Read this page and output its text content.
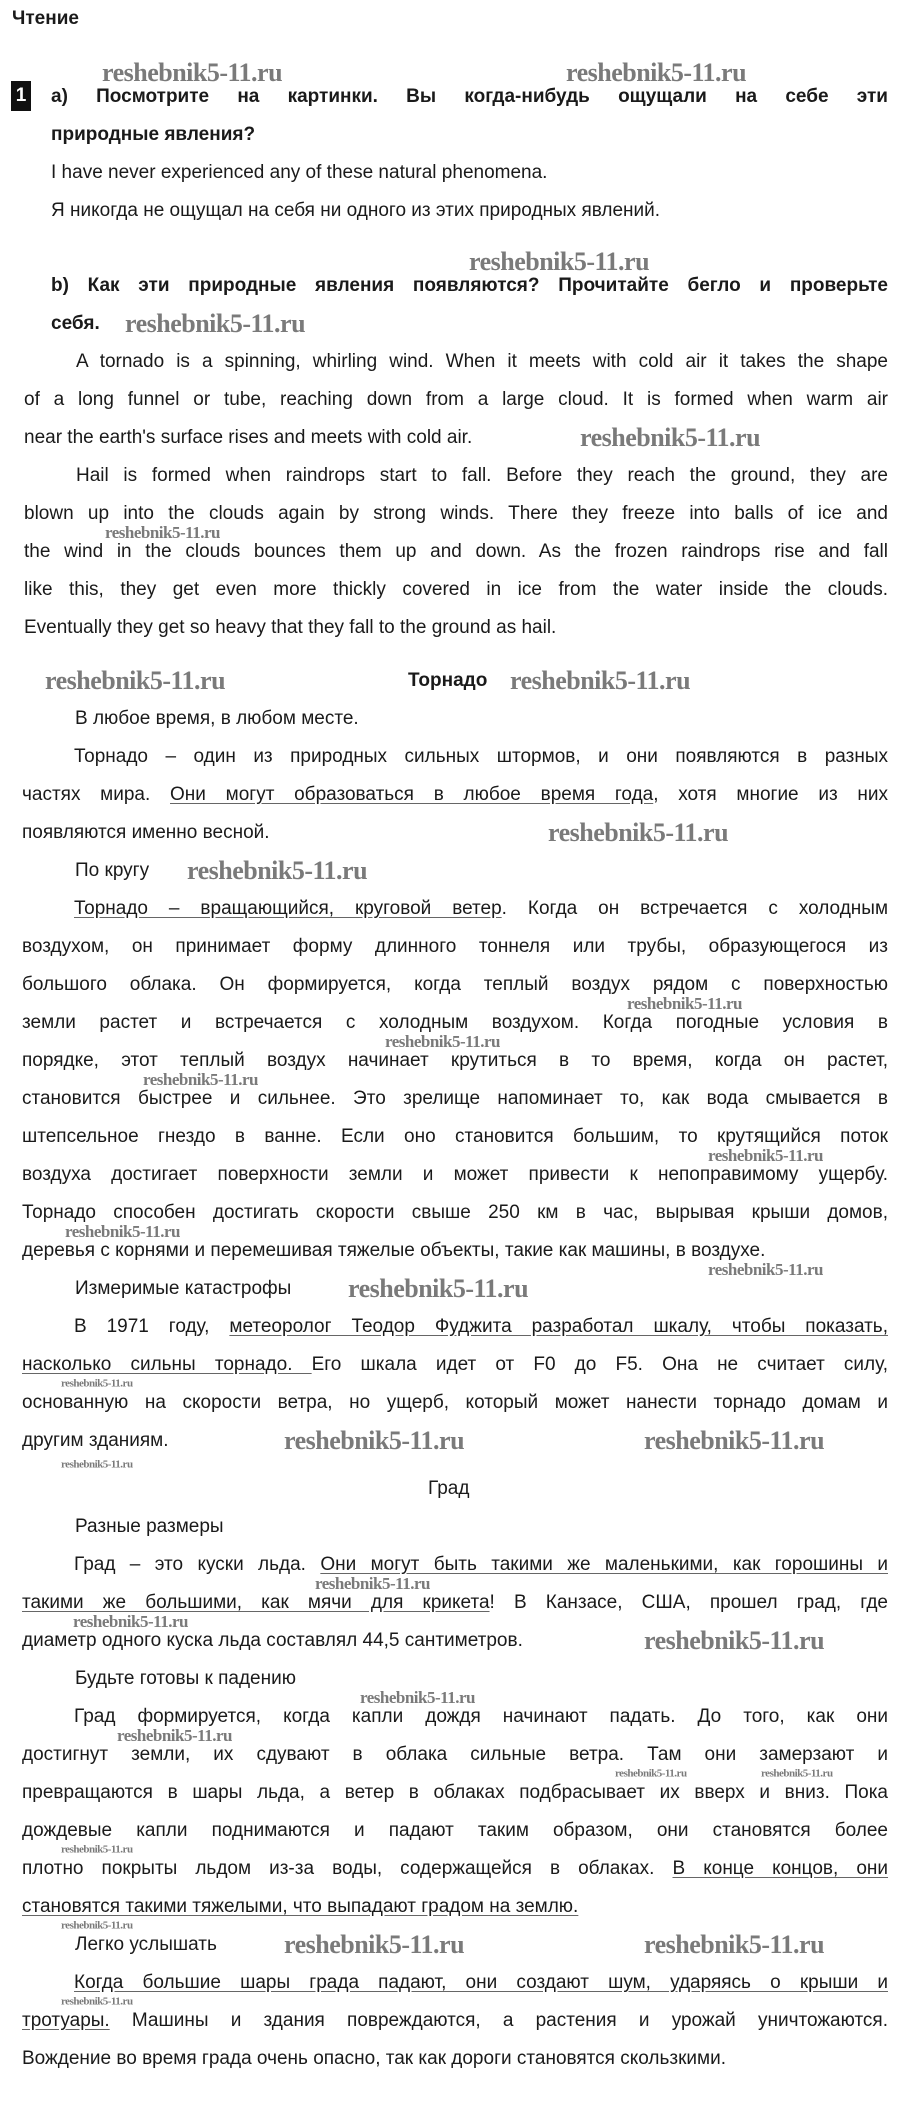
Чтение
1	а) Посмотрите на картинки. Вы когда-нибудь ощущали на себе эти
природные явления?
I have never experienced any of these natural phenomena.
Я никогда не ощущал на себя ни одного из этих природных явлений.
b) Как эти природные явления появляются? Прочитайте бегло и проверьте
себя.
A tornado is a spinning, whirling wind. When it meets with cold air it takes the shape
of a long funnel or tube, reaching down from a large cloud. It is formed when warm air
near the earth's surface rises and meets with cold air.
Hail is formed when raindrops start to fall. Before they reach the ground, they are
blown up into the clouds again by strong winds. There they freeze into balls of ice and
the wind in the clouds bounces them up and down. As the frozen raindrops rise and fall
like this, they get even more thickly covered in ice from the water inside the clouds.
Eventually they get so heavy that they fall to the ground as hail.
Торнадо
В любое время, в любом месте.
Торнадо – один из природных сильных штормов, и они появляются в разных
частях мира. Они могут образоваться в любое время года, хотя многие из них
появляются именно весной.
По кругу
Торнадо – вращающийся, круговой ветер. Когда он встречается с холодным
воздухом, он принимает форму длинного тоннеля или трубы, образующегося из
большого облака. Он формируется, когда теплый воздух рядом с поверхностью
земли растет и встречается с холодным воздухом. Когда погодные условия в
порядке, этот теплый воздух начинает крутиться в то время, когда он растет,
становится быстрее и сильнее. Это зрелище напоминает то, как вода смывается в
штепсельное гнездо в ванне. Если оно становится большим, то крутящийся поток
воздуха достигает поверхности земли и может привести к непоправимому ущербу.
Торнадо способен достигать скорости свыше 250 км в час, вырывая крыши домов,
деревья с корнями и перемешивая тяжелые объекты, такие как машины, в воздухе.
Измеримые катастрофы
В 1971 году, метеоролог Теодор Фуджита разработал шкалу, чтобы показать,
насколько сильны торнадо. Его шкала идет от F0 до F5. Она не считает силу,
основанную на скорости ветра, но ущерб, который может нанести торнадо домам и
другим зданиям.
Град
Разные размеры
Град – это куски льда. Они могут быть такими же маленькими, как горошины и
такими же большими, как мячи для крикета! В Канзасе, США, прошел град, где
диаметр одного куска льда составлял 44,5 сантиметров.
Будьте готовы к падению
Град формируется, когда капли дождя начинают падать. До того, как они
достигнут земли, их сдувают в облака сильные ветра. Там они замерзают и
превращаются в шары льда, а ветер в облаках подбрасывает их вверх и вниз. Пока
дождевые капли поднимаются и падают таким образом, они становятся более
плотно покрыты льдом из-за воды, содержащейся в облаках. В конце концов, они
становятся такими тяжелыми, что выпадают градом на землю.
Легко услышать
Когда большие шары града падают, они создают шум, ударяясь о крыши и
тротуары. Машины и здания повреждаются, а растения и урожай уничтожаются.
Вождение во время града очень опасно, так как дороги становятся скользкими.
reshebnik5-11.ru	reshebnik5-11.ru
reshebnik5-11.ru
reshebnik5-11.ru
reshebnik5-11.ru
reshebnik5-11.ru
reshebnik5-11.ru	reshebnik5-11.ru
reshebnik5-11.ru
reshebnik5-11.ru
reshebnik5-11.ru
reshebnik5-11.ru
reshebnik5-11.ru
reshebnik5-11.ru
reshebnik5-11.ru
reshebnik5-11.ru
reshebnik5-11.ru
reshebnik5-11.ru
reshebnik5-11.ru	reshebnik5-11.ru
reshebnik5-11.ru
reshebnik5-11.ru
reshebnik5-11.ru
reshebnik5-11.ru
reshebnik5-11.ru
reshebnik5-11.ru
reshebnik5-11.ru	reshebnik5-11.ru
reshebnik5-11.ru
reshebnik5-11.ru
reshebnik5-11.ru	reshebnik5-11.ru
reshebnik5-11.ru
